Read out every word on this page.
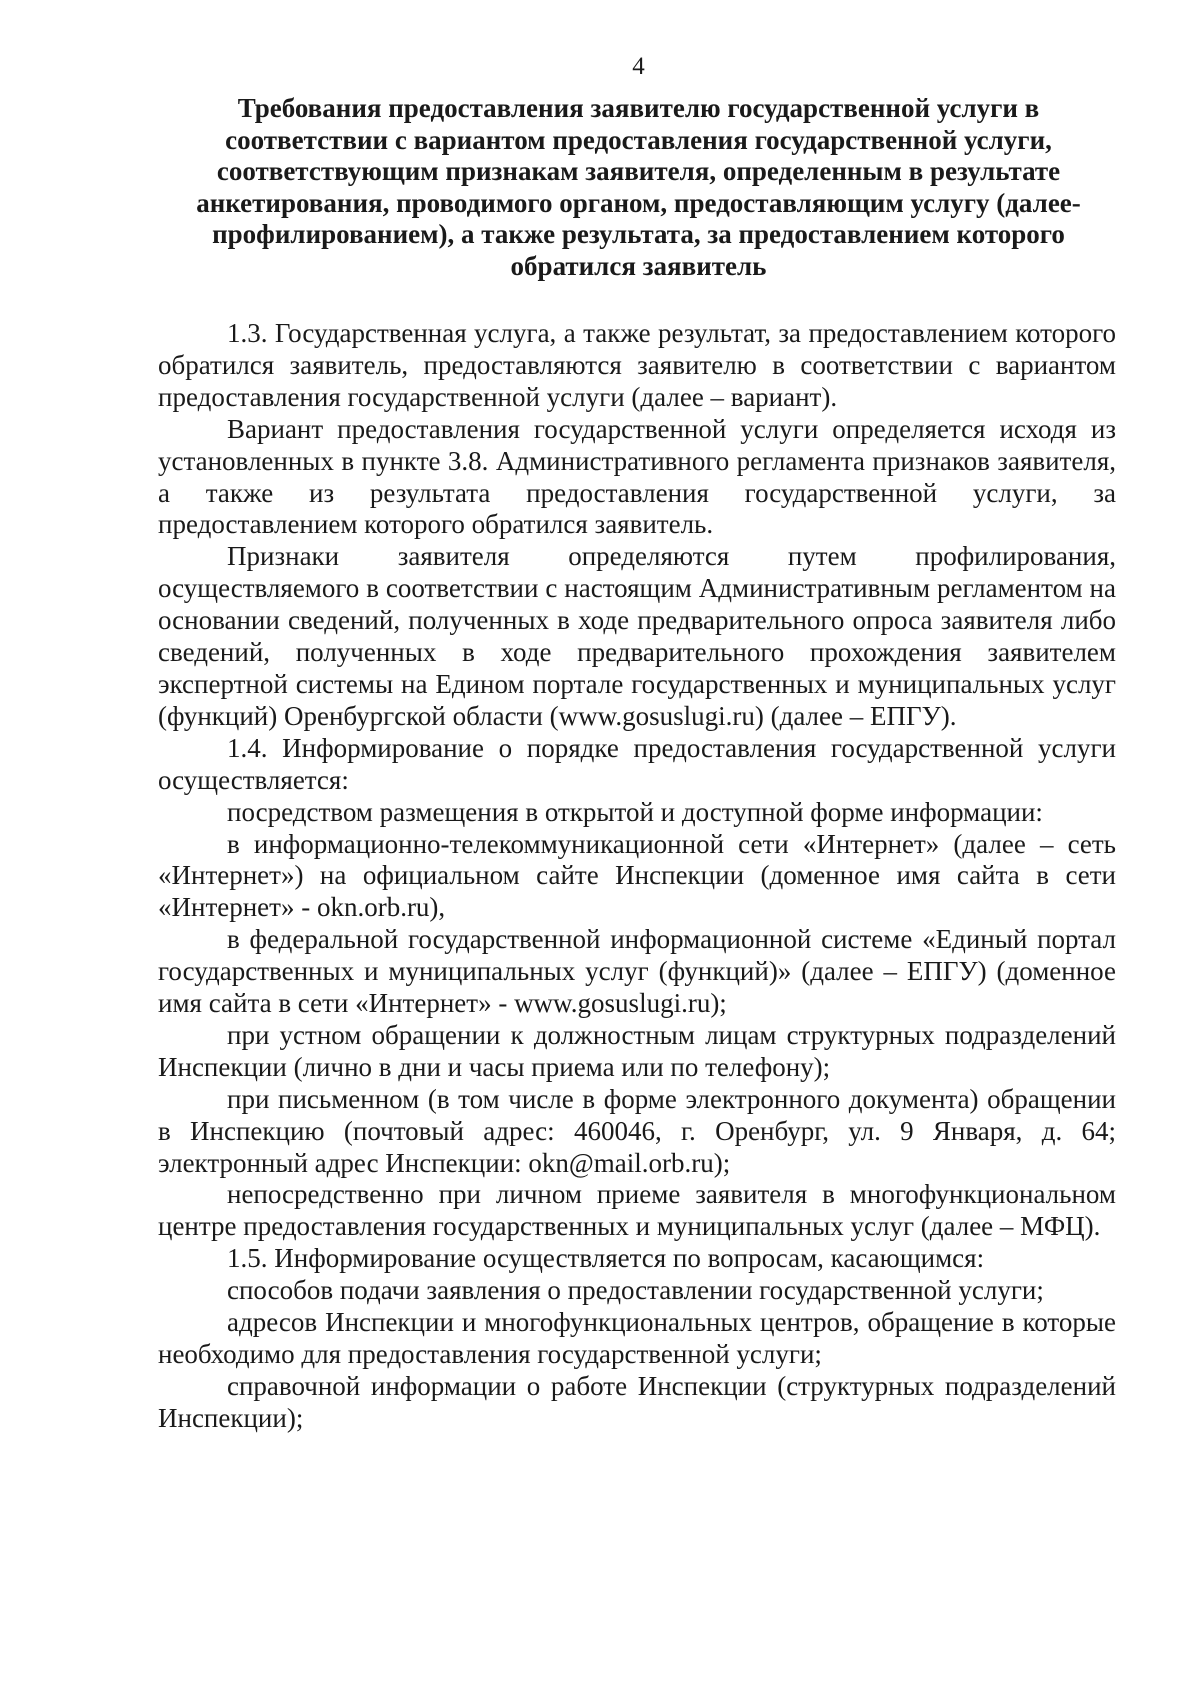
4
Требования предоставления заявителю государственной услуги в соответствии с вариантом предоставления государственной услуги, соответствующим признакам заявителя, определенным в результате анкетирования, проводимого органом, предоставляющим услугу (далее-профилированием), а также результата, за предоставлением которого обратился заявитель

1.3. Государственная услуга, а также результат, за предоставлением которого обратился заявитель, предоставляются заявителю в соответствии с вариантом предоставления государственной услуги (далее – вариант).

Вариант предоставления государственной услуги определяется исходя из установленных в пункте 3.8. Административного регламента признаков заявителя, а также из результата предоставления государственной услуги, за предоставлением которого обратился заявитель.

Признаки заявителя определяются путем профилирования, осуществляемого в соответствии с настоящим Административным регламентом на основании сведений, полученных в ходе предварительного опроса заявителя либо сведений, полученных в ходе предварительного прохождения заявителем экспертной системы на Едином портале государственных и муниципальных услуг (функций) Оренбургской области (www.gosuslugi.ru) (далее – ЕПГУ).

1.4. Информирование о порядке предоставления государственной услуги осуществляется:

посредством размещения в открытой и доступной форме информации:

в информационно-телекоммуникационной сети «Интернет» (далее – сеть «Интернет») на официальном сайте Инспекции (доменное имя сайта в сети «Интернет» - okn.orb.ru),

в федеральной государственной информационной системе «Единый портал государственных и муниципальных услуг (функций)» (далее – ЕПГУ) (доменное имя сайта в сети «Интернет» - www.gosuslugi.ru);

при устном обращении к должностным лицам структурных подразделений Инспекции (лично в дни и часы приема или по телефону);

при письменном (в том числе в форме электронного документа) обращении в Инспекцию (почтовый адрес: 460046, г. Оренбург, ул. 9 Января, д. 64; электронный адрес Инспекции: okn@mail.orb.ru);

непосредственно при личном приеме заявителя в многофункциональном центре предоставления государственных и муниципальных услуг (далее – МФЦ).

1.5. Информирование осуществляется по вопросам, касающимся:

способов подачи заявления о предоставлении государственной услуги;

адресов Инспекции и многофункциональных центров, обращение в которые необходимо для предоставления государственной услуги;

справочной информации о работе Инспекции (структурных подразделений Инспекции);
